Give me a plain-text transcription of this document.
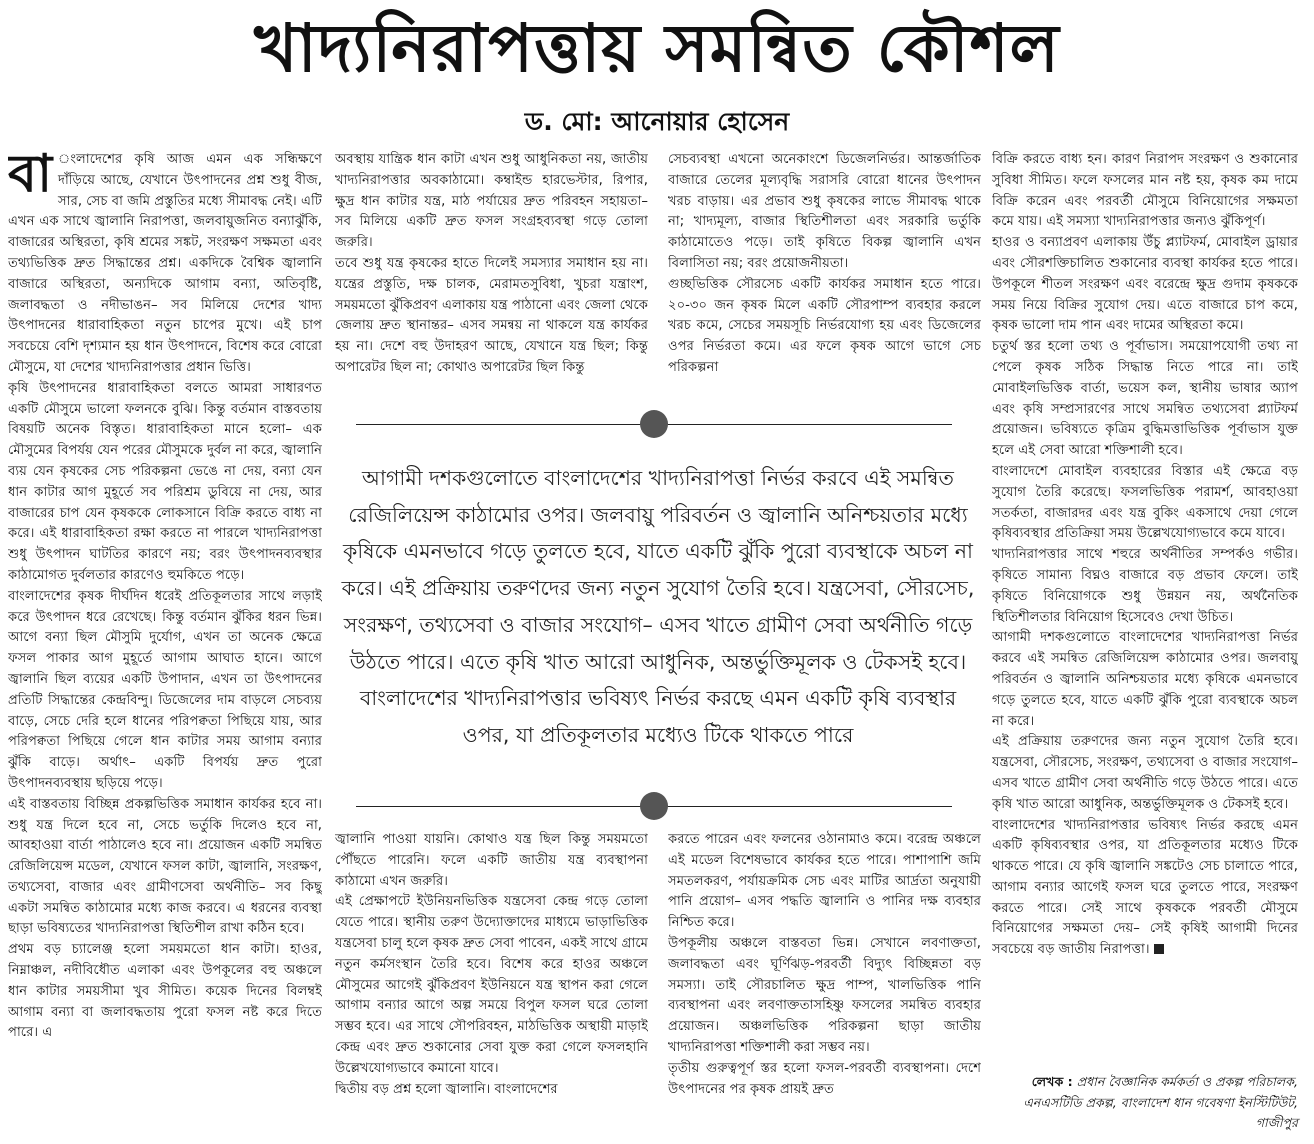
খাদ্যনিরাপত্তায় সমন্বিত কৌশল
ড. মো: আনোয়ার হোসেন

বা ংলাদেশের কৃষি আজ এমন এক সন্ধিক্ষণে দাঁড়িয়ে আছে, যেখানে উৎপাদনের প্রশ্ন শুধু বীজ, সার, সেচ বা জমি প্রস্তুতির মধ্যে সীমাবদ্ধ নেই। এটি এখন এক সাথে জ্বালানি নিরাপত্তা, জলবায়ুজনিত বন্যাঝুঁকি, বাজারের অস্থিরতা, কৃষি শ্রমের সঙ্কট, সংরক্ষণ সক্ষমতা এবং তথ্যভিত্তিক দ্রুত সিদ্ধান্তের প্রশ্ন। একদিকে বৈশ্বিক জ্বালানি বাজারে অস্থিরতা, অন্যদিকে আগাম বন্যা, অতিবৃষ্টি, জলাবদ্ধতা ও নদীভাঙন– সব মিলিয়ে দেশের খাদ্য উৎপাদনের ধারাবাহিকতা নতুন চাপের মুখে। এই চাপ সবচেয়ে বেশি দৃশ্যমান হয় ধান উৎপাদনে, বিশেষ করে বোরো মৌসুমে, যা দেশের খাদ্যনিরাপত্তার প্রধান ভিত্তি।

কৃষি উৎপাদনের ধারাবাহিকতা বলতে আমরা সাধারণত একটি মৌসুমে ভালো ফলনকে বুঝি। কিন্তু বর্তমান বাস্তবতায় বিষয়টি অনেক বিস্তৃত। ধারাবাহিকতা মানে হলো– এক মৌসুমের বিপর্যয় যেন পরের মৌসুমকে দুর্বল না করে, জ্বালানি ব্যয় যেন কৃষকের সেচ পরিকল্পনা ভেঙে না দেয়, বন্যা যেন ধান কাটার আগ মুহূর্তে সব পরিশ্রম ডুবিয়ে না দেয়, আর বাজারের চাপ যেন কৃষককে লোকসানে বিক্রি করতে বাধ্য না করে। এই ধারাবাহিকতা রক্ষা করতে না পারলে খাদ্যনিরাপত্তা শুধু উৎপাদন ঘাটতির কারণে নয়; বরং উৎপাদনব্যবস্থার কাঠামোগত দুর্বলতার কারণেও হুমকিতে পড়ে।

বাংলাদেশের কৃষক দীর্ঘদিন ধরেই প্রতিকূলতার সাথে লড়াই করে উৎপাদন ধরে রেখেছে। কিন্তু বর্তমান ঝুঁকির ধরন ভিন্ন। আগে বন্যা ছিল মৌসুমি দুর্যোগ, এখন তা অনেক ক্ষেত্রে ফসল পাকার আগ মুহূর্তে আগাম আঘাত হানে। আগে জ্বালানি ছিল ব্যয়ের একটি উপাদান, এখন তা উৎপাদনের প্রতিটি সিদ্ধান্তের কেন্দ্রবিন্দু। ডিজেলের দাম বাড়লে সেচব্যয় বাড়ে, সেচে দেরি হলে ধানের পরিপক্বতা পিছিয়ে যায়, আর পরিপক্বতা পিছিয়ে গেলে ধান কাটার সময় আগাম বন্যার ঝুঁকি বাড়ে। অর্থাৎ– একটি বিপর্যয় দ্রুত পুরো উৎপাদনব্যবস্থায় ছড়িয়ে পড়ে।

এই বাস্তবতায় বিচ্ছিন্ন প্রকল্পভিত্তিক সমাধান কার্যকর হবে না। শুধু যন্ত্র দিলে হবে না, সেচে ভর্তুকি দিলেও হবে না, আবহাওয়া বার্তা পাঠালেও হবে না। প্রয়োজন একটি সমন্বিত রেজিলিয়েন্স মডেল, যেখানে ফসল কাটা, জ্বালানি, সংরক্ষণ, তথ্যসেবা, বাজার এবং গ্রামীণসেবা অর্থনীতি– সব কিছু একটা সমন্বিত কাঠামোর মধ্যে কাজ করবে। এ ধরনের ব্যবস্থা ছাড়া ভবিষ্যতের খাদ্যনিরাপত্তা স্থিতিশীল রাখা কঠিন হবে।

প্রথম বড় চ্যালেঞ্জ হলো সময়মতো ধান কাটা। হাওর, নিম্নাঞ্চল, নদীবিধৌত এলাকা এবং উপকূলের বহু অঞ্চলে ধান কাটার সময়সীমা খুব সীমিত। কয়েক দিনের বিলম্বই আগাম বন্যা বা জলাবদ্ধতায় পুরো ফসল নষ্ট করে দিতে পারে। এ

অবস্থায় যান্ত্রিক ধান কাটা এখন শুধু আধুনিকতা নয়, জাতীয় খাদ্যনিরাপত্তার অবকাঠামো। কম্বাইন্ড হারভেস্টার, রিপার, ক্ষুদ্র ধান কাটার যন্ত্র, মাঠ পর্যায়ের দ্রুত পরিবহন সহায়তা– সব মিলিয়ে একটি দ্রুত ফসল সংগ্রহব্যবস্থা গড়ে তোলা জরুরি।

তবে শুধু যন্ত্র কৃষকের হাতে দিলেই সমস্যার সমাধান হয় না। যন্ত্রের প্রস্তুতি, দক্ষ চালক, মেরামতসুবিধা, খুচরা যন্ত্রাংশ, সময়মতো ঝুঁকিপ্রবণ এলাকায় যন্ত্র পাঠানো এবং জেলা থেকে জেলায় দ্রুত স্থানান্তর– এসব সমন্বয় না থাকলে যন্ত্র কার্যকর হয় না। দেশে বহু উদাহরণ আছে, যেখানে যন্ত্র ছিল; কিন্তু অপারেটর ছিল না; কোথাও অপারেটর ছিল কিন্তু

সেচব্যবস্থা এখনো অনেকাংশে ডিজেলনির্ভর। আন্তর্জাতিক বাজারে তেলের মূল্যবৃদ্ধি সরাসরি বোরো ধানের উৎপাদন খরচ বাড়ায়। এর প্রভাব শুধু কৃষকের লাভে সীমাবদ্ধ থাকে না; খাদ্যমূল্য, বাজার স্থিতিশীলতা এবং সরকারি ভর্তুকি কাঠামোতেও পড়ে। তাই কৃষিতে বিকল্প জ্বালানি এখন বিলাসিতা নয়; বরং প্রয়োজনীয়তা।

গুচ্ছভিত্তিক সৌরসেচ একটি কার্যকর সমাধান হতে পারে। ২০-৩০ জন কৃষক মিলে একটি সৌরপাম্প ব্যবহার করলে খরচ কমে, সেচের সময়সূচি নির্ভরযোগ্য হয় এবং ডিজেলের ওপর নির্ভরতা কমে। এর ফলে কৃষক আগে ভাগে সেচ পরিকল্পনা

আগামী দশকগুলোতে বাংলাদেশের খাদ্যনিরাপত্তা নির্ভর করবে এই সমন্বিত রেজিলিয়েন্স কাঠামোর ওপর। জলবায়ু পরিবর্তন ও জ্বালানি অনিশ্চয়তার মধ্যে কৃষিকে এমনভাবে গড়ে তুলতে হবে, যাতে একটি ঝুঁকি পুরো ব্যবস্থাকে অচল না করে। এই প্রক্রিয়ায় তরুণদের জন্য নতুন সুযোগ তৈরি হবে। যন্ত্রসেবা, সৌরসেচ, সংরক্ষণ, তথ্যসেবা ও বাজার সংযোগ– এসব খাতে গ্রামীণ সেবা অর্থনীতি গড়ে উঠতে পারে। এতে কৃষি খাত আরো আধুনিক, অন্তর্ভুক্তিমূলক ও টেকসই হবে। বাংলাদেশের খাদ্যনিরাপত্তার ভবিষ্যৎ নির্ভর করছে এমন একটি কৃষি ব্যবস্থার ওপর, যা প্রতিকূলতার মধ্যেও টিকে থাকতে পারে

জ্বালানি পাওয়া যায়নি। কোথাও যন্ত্র ছিল কিন্তু সময়মতো পৌঁছতে পারেনি। ফলে একটি জাতীয় যন্ত্র ব্যবস্থাপনা কাঠামো এখন জরুরি।

এই প্রেক্ষাপটে ইউনিয়নভিত্তিক যন্ত্রসেবা কেন্দ্র গড়ে তোলা যেতে পারে। স্থানীয় তরুণ উদ্যোক্তাদের মাধ্যমে ভাড়াভিত্তিক যন্ত্রসেবা চালু হলে কৃষক দ্রুত সেবা পাবেন, একই সাথে গ্রামে নতুন কর্মসংস্থান তৈরি হবে। বিশেষ করে হাওর অঞ্চলে মৌসুমের আগেই ঝুঁকিপ্রবণ ইউনিয়নে যন্ত্র স্থাপন করা গেলে আগাম বন্যার আগে অল্প সময়ে বিপুল ফসল ঘরে তোলা সম্ভব হবে। এর সাথে সৌপরিবহন, মাঠভিত্তিক অস্থায়ী মাড়াই কেন্দ্র এবং দ্রুত শুকানোর সেবা যুক্ত করা গেলে ফসলহানি উল্লেখযোগ্যভাবে কমানো যাবে।

দ্বিতীয় বড় প্রশ্ন হলো জ্বালানি। বাংলাদেশের

করতে পারেন এবং ফলনের ওঠানামাও কমে। বরেন্দ্র অঞ্চলে এই মডেল বিশেষভাবে কার্যকর হতে পারে। পাশাপাশি জমি সমতলকরণ, পর্যায়ক্রমিক সেচ এবং মাটির আর্দ্রতা অনুযায়ী পানি প্রয়োগ– এসব পদ্ধতি জ্বালানি ও পানির দক্ষ ব্যবহার নিশ্চিত করে।

উপকূলীয় অঞ্চলে বাস্তবতা ভিন্ন। সেখানে লবণাক্ততা, জলাবদ্ধতা এবং ঘূর্ণিঝড়-পরবর্তী বিদ্যুৎ বিচ্ছিন্নতা বড় সমস্যা। তাই সৌরচালিত ক্ষুদ্র পাম্প, খালভিত্তিক পানি ব্যবস্থাপনা এবং লবণাক্ততাসহিষ্ণু ফসলের সমন্বিত ব্যবহার প্রয়োজন। অঞ্চলভিত্তিক পরিকল্পনা ছাড়া জাতীয় খাদ্যনিরাপত্তা শক্তিশালী করা সম্ভব নয়।

তৃতীয় গুরুত্বপূর্ণ স্তর হলো ফসল-পরবর্তী ব্যবস্থাপনা। দেশে উৎপাদনের পর কৃষক প্রায়ই দ্রুত

বিক্রি করতে বাধ্য হন। কারণ নিরাপদ সংরক্ষণ ও শুকানোর সুবিধা সীমিত। ফলে ফসলের মান নষ্ট হয়, কৃষক কম দামে বিক্রি করেন এবং পরবর্তী মৌসুমে বিনিয়োগের সক্ষমতা কমে যায়। এই সমস্যা খাদ্যনিরাপত্তার জন্যও ঝুঁকিপূর্ণ।

হাওর ও বন্যাপ্রবণ এলাকায় উঁচু প্ল্যাটফর্ম, মোবাইল ড্রায়ার এবং সৌরশক্তিচালিত শুকানোর ব্যবস্থা কার্যকর হতে পারে। উপকূলে শীতল সংরক্ষণ এবং বরেন্দ্রে ক্ষুদ্র গুদাম কৃষককে সময় নিয়ে বিক্রির সুযোগ দেয়। এতে বাজারে চাপ কমে, কৃষক ভালো দাম পান এবং দামের অস্থিরতা কমে।

চতুর্থ স্তর হলো তথ্য ও পূর্বাভাস। সময়োপযোগী তথ্য না পেলে কৃষক সঠিক সিদ্ধান্ত নিতে পারে না। তাই মোবাইলভিত্তিক বার্তা, ভয়েস কল, স্থানীয় ভাষার অ্যাপ এবং কৃষি সম্প্রসারণের সাথে সমন্বিত তথ্যসেবা প্ল্যাটফর্ম প্রয়োজন। ভবিষ্যতে কৃত্রিম বুদ্ধিমত্তাভিত্তিক পূর্বাভাস যুক্ত হলে এই সেবা আরো শক্তিশালী হবে।

বাংলাদেশে মোবাইল ব্যবহারের বিস্তার এই ক্ষেত্রে বড় সুযোগ তৈরি করেছে। ফসলভিত্তিক পরামর্শ, আবহাওয়া সতর্কতা, বাজারদর এবং যন্ত্র বুকিং একসাথে দেয়া গেলে কৃষিব্যবস্থার প্রতিক্রিয়া সময় উল্লেখযোগ্যভাবে কমে যাবে।

খাদ্যনিরাপত্তার সাথে শহুরে অর্থনীতির সম্পর্কও গভীর। কৃষিতে সামান্য বিঘ্নও বাজারে বড় প্রভাব ফেলে। তাই কৃষিতে বিনিয়োগকে শুধু উন্নয়ন নয়, অর্থনৈতিক স্থিতিশীলতার বিনিয়োগ হিসেবেও দেখা উচিত।

আগামী দশকগুলোতে বাংলাদেশের খাদ্যনিরাপত্তা নির্ভর করবে এই সমন্বিত রেজিলিয়েন্স কাঠামোর ওপর। জলবায়ু পরিবর্তন ও জ্বালানি অনিশ্চয়তার মধ্যে কৃষিকে এমনভাবে গড়ে তুলতে হবে, যাতে একটি ঝুঁকি পুরো ব্যবস্থাকে অচল না করে।

এই প্রক্রিয়ায় তরুণদের জন্য নতুন সুযোগ তৈরি হবে। যন্ত্রসেবা, সৌরসেচ, সংরক্ষণ, তথ্যসেবা ও বাজার সংযোগ– এসব খাতে গ্রামীণ সেবা অর্থনীতি গড়ে উঠতে পারে। এতে কৃষি খাত আরো আধুনিক, অন্তর্ভুক্তিমূলক ও টেকসই হবে।

বাংলাদেশের খাদ্যনিরাপত্তার ভবিষ্যৎ নির্ভর করছে এমন একটি কৃষিব্যবস্থার ওপর, যা প্রতিকূলতার মধ্যেও টিকে থাকতে পারে। যে কৃষি জ্বালানি সঙ্কটেও সেচ চালাতে পারে, আগাম বন্যার আগেই ফসল ঘরে তুলতে পারে, সংরক্ষণ করতে পারে। সেই সাথে কৃষককে পরবর্তী মৌসুমে বিনিয়োগের সক্ষমতা দেয়– সেই কৃষিই আগামী দিনের সবচেয়ে বড় জাতীয় নিরাপত্তা।

লেখক : প্রধান বৈজ্ঞানিক কর্মকর্তা ও প্রকল্প পরিচালক, এনএসটিডি প্রকল্প, বাংলাদেশ ধান গবেষণা ইনস্টিটিউট, গাজীপুর
